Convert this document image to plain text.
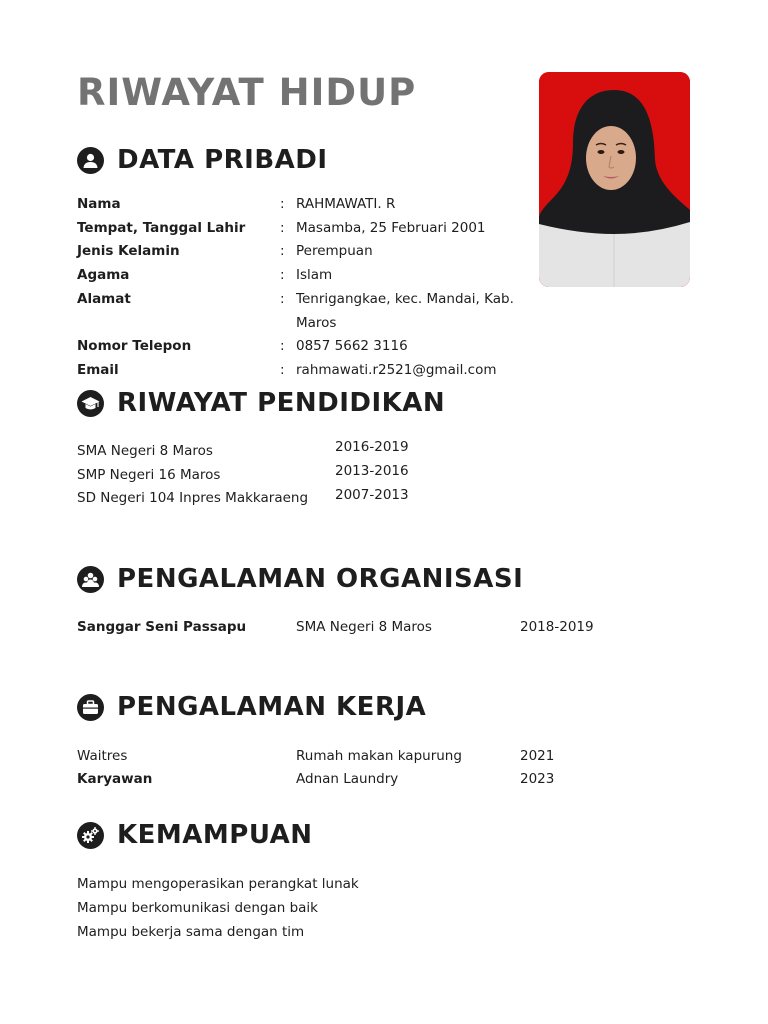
RIWAYAT HIDUP
DATA PRIBADI
Nama	: RAHMAWATI. R
Tempat, Tanggal Lahir	: Masamba, 25 Februari 2001
Jenis Kelamin	: Perempuan
Agama	: Islam
Alamat	: Tenrigangkae, kec. Mandai, Kab.
Maros
Nomor Telepon	: 0857 5662 3116
Email	: rahmawati.r2521@gmail.com
RIWAYAT PENDIDIKAN
SMA Negeri 8 Maros	2016-2019
SMP Negeri 16 Maros	2013-2016
SD Negeri 104 Inpres Makkaraeng 2007-2013
PENGALAMAN ORGANISASI
Sanggar Seni Passapu	SMA Negeri 8 Maros	2018-2019
PENGALAMAN KERJA
Waitres	Rumah makan kapurung	2021
Karyawan	Adnan Laundry	2023
KEMAMPUAN
Mampu mengoperasikan perangkat lunak
Mampu berkomunikasi dengan baik
Mampu bekerja sama dengan tim
